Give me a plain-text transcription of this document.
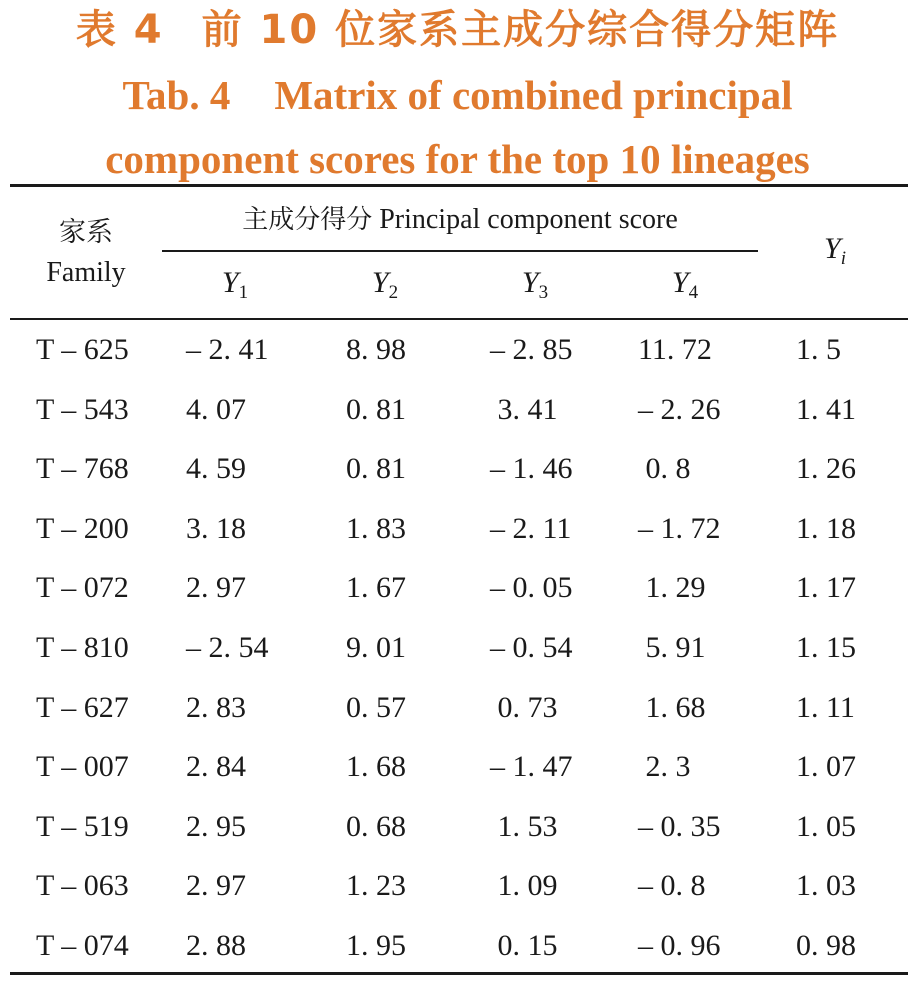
表 4 前 10 位家系主成分综合得分矩阵
Tab. 4 Matrix of combined principal
component scores for the top 10 lineages
家系
Family
主成分得分 Principal component score
$Y_1$	$Y_2$	$Y_3$	$Y_4$
$Y_i$
T – 625	– 2. 41	8. 98	– 2. 85	11. 72	1. 5
T – 543	4. 07	0. 81	3. 41	– 2. 26	1. 41
T – 768	4. 59	0. 81	– 1. 46	0. 8	1. 26
T – 200	3. 18	1. 83	– 2. 11	– 1. 72	1. 18
T – 072	2. 97	1. 67	– 0. 05	1. 29	1. 17
T – 810	– 2. 54	9. 01	– 0. 54	5. 91	1. 15
T – 627	2. 83	0. 57	0. 73	1. 68	1. 11
T – 007	2. 84	1. 68	– 1. 47	2. 3	1. 07
T – 519	2. 95	0. 68	1. 53	– 0. 35	1. 05
T – 063	2. 97	1. 23	1. 09	– 0. 8	1. 03
T – 074	2. 88	1. 95	0. 15	– 0. 96	0. 98
